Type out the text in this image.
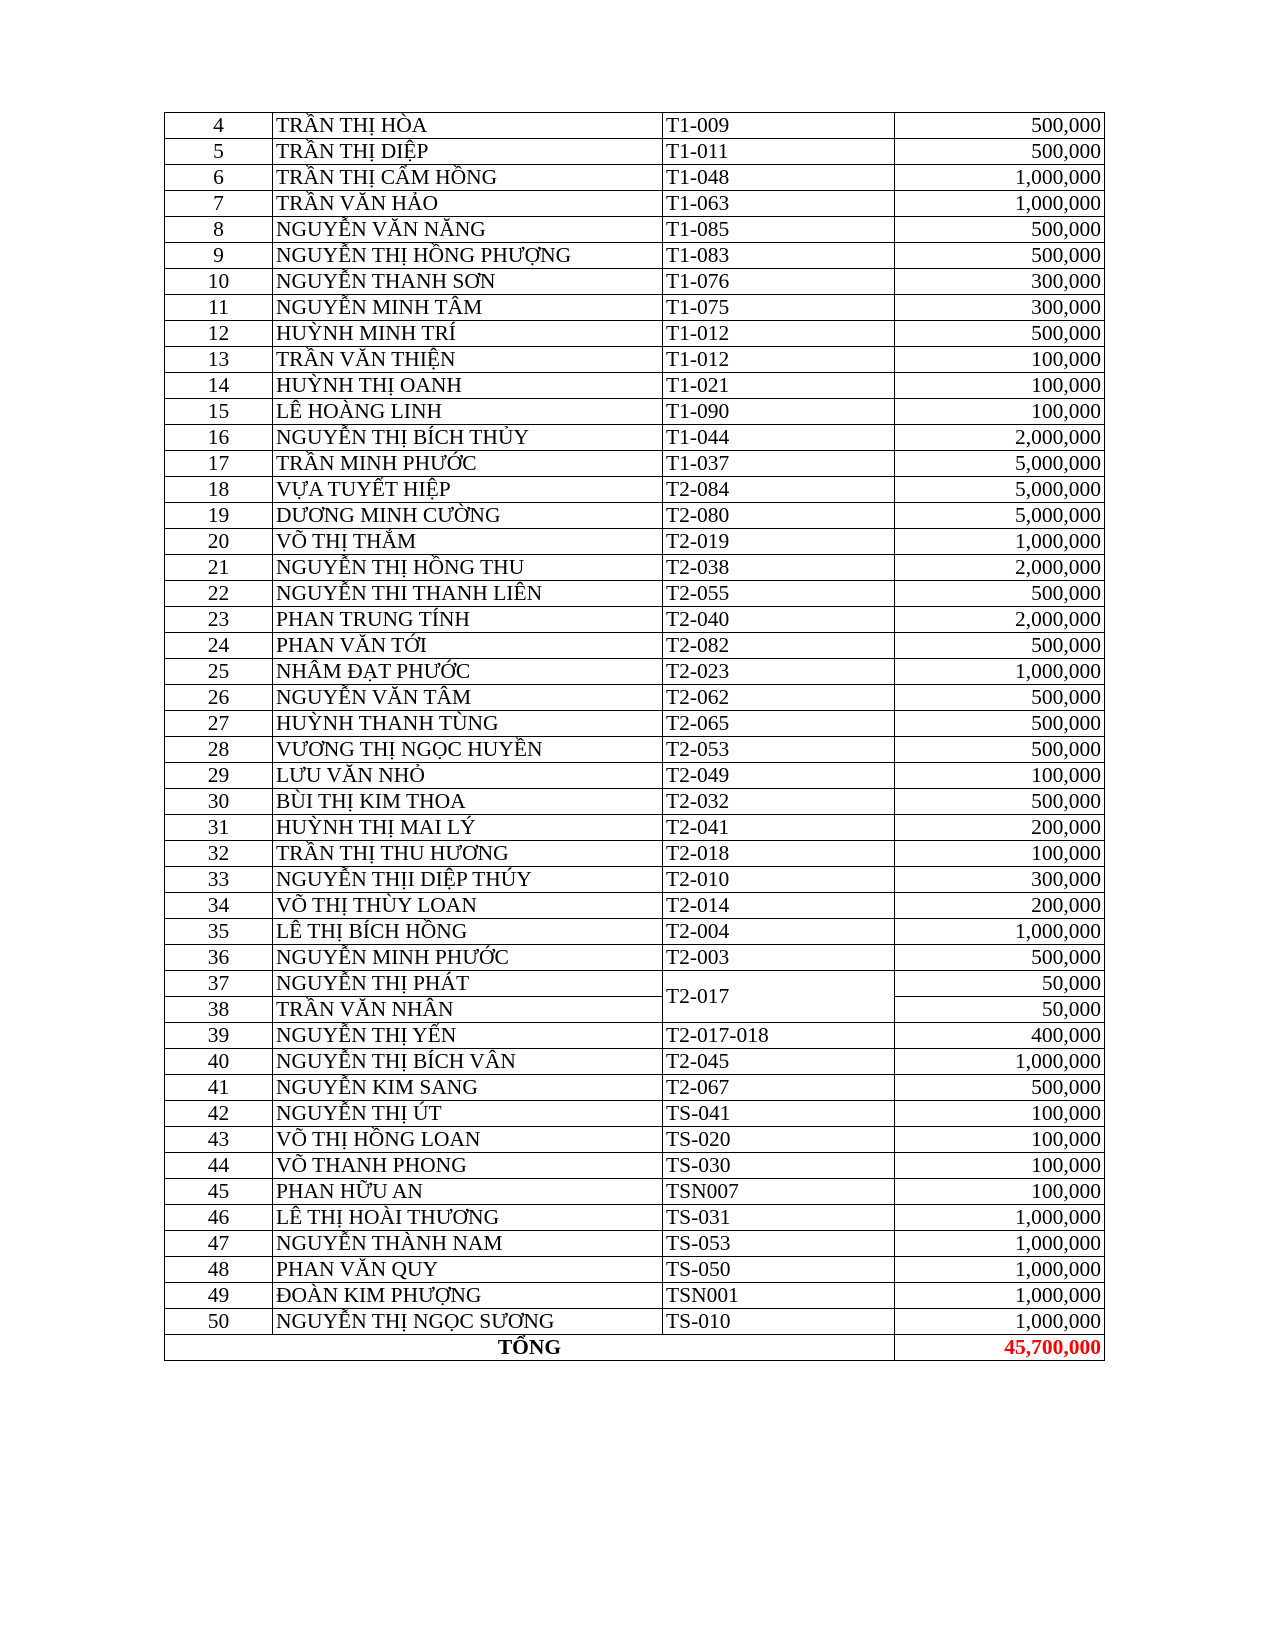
4	TRẦN THỊ HÒA	T1-009	500,000
5	TRẦN THỊ DIỆP	T1-011	500,000
6	TRẦN THỊ CẨM HỒNG	T1-048	1,000,000
7	TRẦN VĂN HẢO	T1-063	1,000,000
8	NGUYỄN VĂN NĂNG	T1-085	500,000
9	NGUYỄN THỊ HỒNG PHƯỢNG	T1-083	500,000
10	NGUYỄN THANH SƠN	T1-076	300,000
11	NGUYỄN MINH TÂM	T1-075	300,000
12	HUỲNH MINH TRÍ	T1-012	500,000
13	TRẦN VĂN THIỆN	T1-012	100,000
14	HUỲNH THỊ OANH	T1-021	100,000
15	LÊ HOÀNG LINH	T1-090	100,000
16	NGUYỄN THỊ BÍCH THỦY	T1-044	2,000,000
17	TRẦN MINH PHƯỚC	T1-037	5,000,000
18	VỰA TUYẾT HIỆP	T2-084	5,000,000
19	DƯƠNG MINH CƯỜNG	T2-080	5,000,000
20	VÕ THỊ THẮM	T2-019	1,000,000
21	NGUYỄN THỊ HỒNG THU	T2-038	2,000,000
22	NGUYỄN THI THANH LIÊN	T2-055	500,000
23	PHAN TRUNG TÍNH	T2-040	2,000,000
24	PHAN VĂN TỚI	T2-082	500,000
25	NHÂM ĐẠT PHƯỚC	T2-023	1,000,000
26	NGUYỄN VĂN TÂM	T2-062	500,000
27	HUỲNH THANH TÙNG	T2-065	500,000
28	VƯƠNG THỊ NGỌC HUYỀN	T2-053	500,000
29	LƯU VĂN NHỎ	T2-049	100,000
30	BÙI THỊ KIM THOA	T2-032	500,000
31	HUỲNH THỊ MAI LÝ	T2-041	200,000
32	TRẦN THỊ THU HƯƠNG	T2-018	100,000
33	NGUYỄN THỊI DIỆP THÚY	T2-010	300,000
34	VÕ THỊ THÙY LOAN	T2-014	200,000
35	LÊ THỊ BÍCH HỒNG	T2-004	1,000,000
36	NGUYỄN MINH PHƯỚC	T2-003	500,000
37	NGUYỄN THỊ PHÁT	T2-017	50,000
38	TRẦN VĂN NHÂN		50,000
39	NGUYỄN THỊ YẾN	T2-017-018	400,000
40	NGUYỄN THỊ BÍCH VÂN	T2-045	1,000,000
41	NGUYỄN KIM SANG	T2-067	500,000
42	NGUYỄN THỊ ÚT	TS-041	100,000
43	VÕ THỊ HỒNG LOAN	TS-020	100,000
44	VÕ THANH PHONG	TS-030	100,000
45	PHAN HỮU AN	TSN007	100,000
46	LÊ THỊ HOÀI THƯƠNG	TS-031	1,000,000
47	NGUYỄN THÀNH NAM	TS-053	1,000,000
48	PHAN VĂN QUY	TS-050	1,000,000
49	ĐOÀN KIM PHƯỢNG	TSN001	1,000,000
50	NGUYỄN THỊ NGỌC SƯƠNG	TS-010	1,000,000
TỔNG			45,700,000
